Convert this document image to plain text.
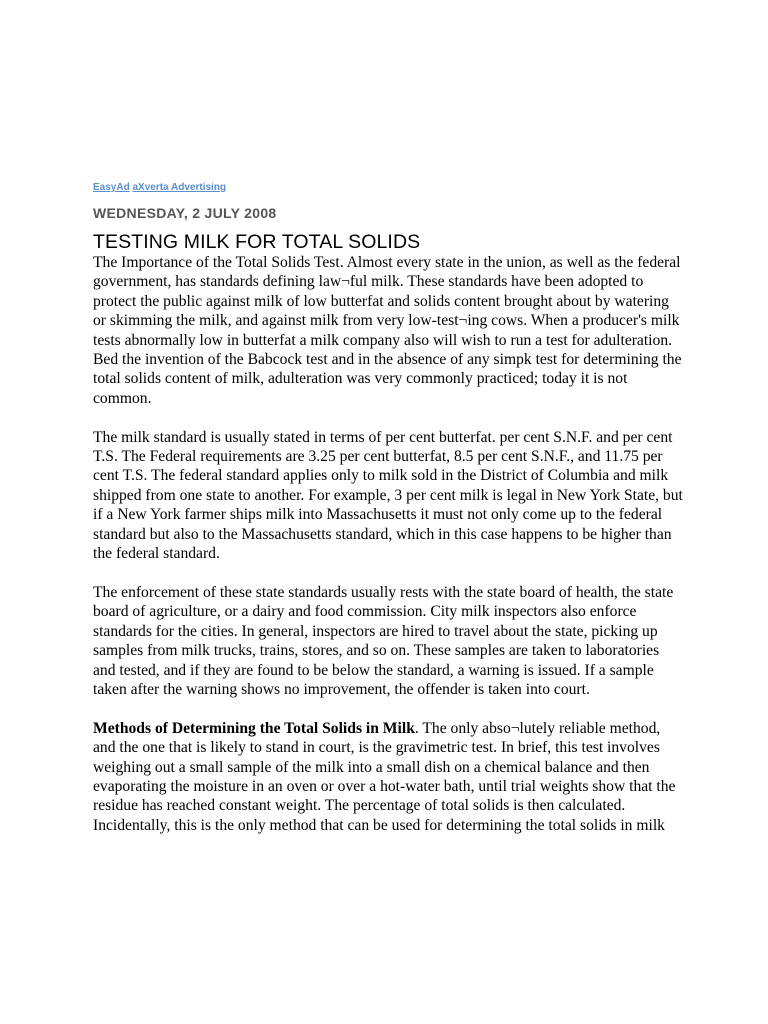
EasyAd aXverta Advertising

WEDNESDAY, 2 JULY 2008
TESTING MILK FOR TOTAL SOLIDS

The Importance of the Total Solids Test. Almost every state in the union, as well as the federal government, has standards defining law¬ful milk. These standards have been adopted to protect the public against milk of low butterfat and solids content brought about by watering or skimming the milk, and against milk from very low-test¬ing cows. When a producer's milk tests abnormally low in butterfat a milk company also will wish to run a test for adulteration. Bed the invention of the Babcock test and in the absence of any simpk test for determining the total solids content of milk, adulteration was very commonly practiced; today it is not common.

The milk standard is usually stated in terms of per cent butterfat. per cent S.N.F. and per cent T.S. The Federal requirements are 3.25 per cent butterfat, 8.5 per cent S.N.F., and 11.75 per cent T.S. The federal standard applies only to milk sold in the District of Columbia and milk shipped from one state to another. For example, 3 per cent milk is legal in New York State, but if a New York farmer ships milk into Massachusetts it must not only come up to the federal standard but also to the Massachusetts standard, which in this case happens to be higher than the federal standard.

The enforcement of these state standards usually rests with the state board of health, the state board of agriculture, or a dairy and food commission. City milk inspectors also enforce standards for the cities. In general, inspectors are hired to travel about the state, picking up samples from milk trucks, trains, stores, and so on. These samples are taken to laboratories and tested, and if they are found to be below the standard, a warning is issued. If a sample taken after the warning shows no improvement, the offender is taken into court.

Methods of Determining the Total Solids in Milk. The only abso¬lutely reliable method, and the one that is likely to stand in court, is the gravimetric test. In brief, this test involves weighing out a small sample of the milk into a small dish on a chemical balance and then evaporating the moisture in an oven or over a hot-water bath, until trial weights show that the residue has reached constant weight. The percentage of total solids is then calculated. Incidentally, this is the only method that can be used for determining the total solids in milk
